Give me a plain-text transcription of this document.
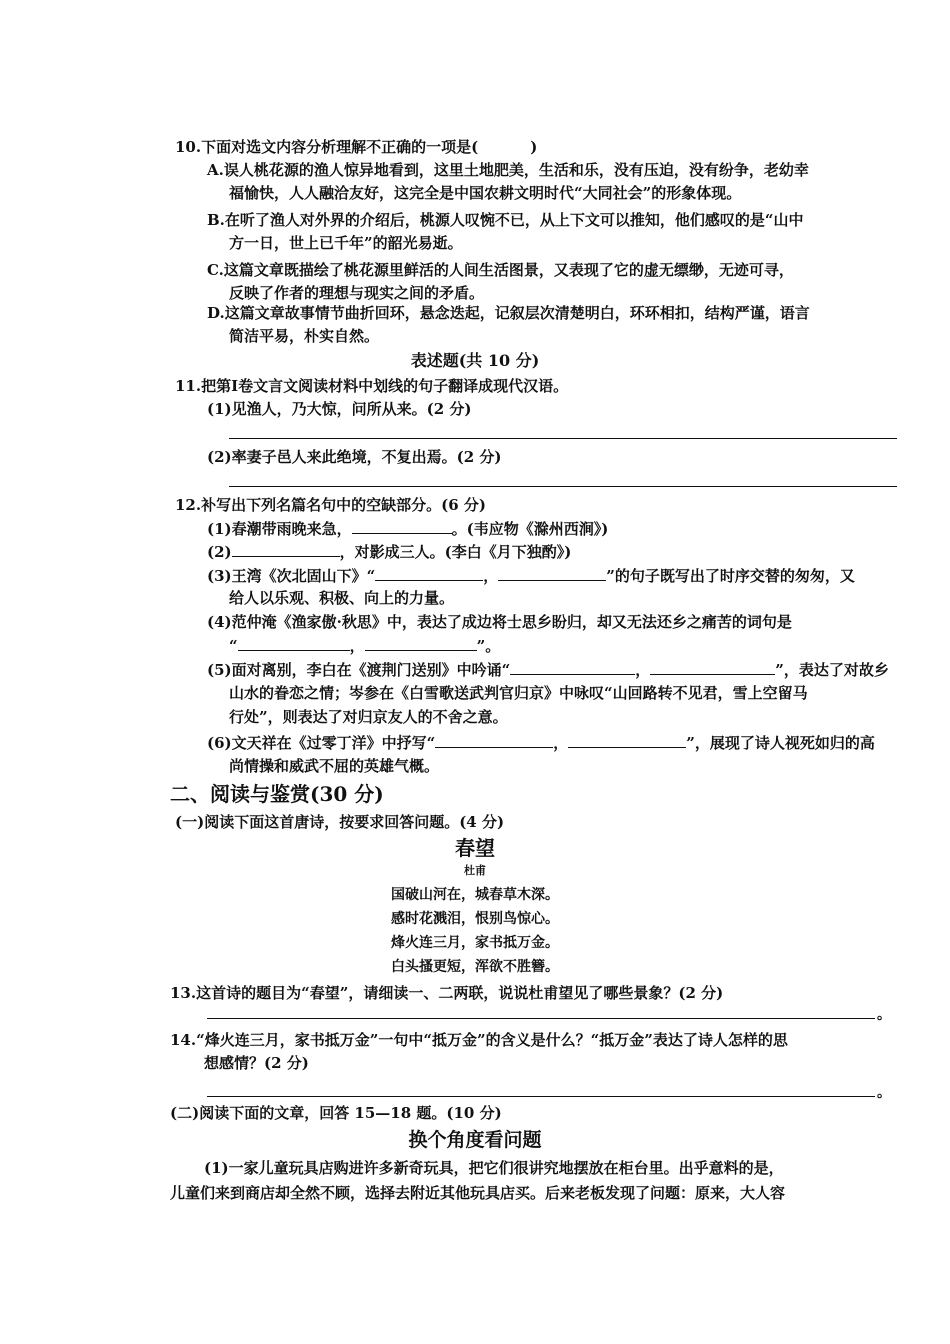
10.下面对选文内容分析理解不正确的一项是(	)
A.误人桃花源的渔人惊异地看到，这里土地肥美，生活和乐，没有压迫，没有纷争，老幼幸
福愉快，人人融洽友好，这完全是中国农耕文明时代“大同社会”的形象体现。
B.在听了渔人对外界的介绍后，桃源人叹惋不已，从上下文可以推知，他们感叹的是“山中
方一日，世上已千年”的韶光易逝。
C.这篇文章既描绘了桃花源里鲜活的人间生活图景，又表现了它的虚无缥缈，无迹可寻，
反映了作者的理想与现实之间的矛盾。
D.这篇文章故事情节曲折回环，悬念迭起，记叙层次清楚明白，环环相扣，结构严谨，语言
简洁平易，朴实自然。
表述题(共 10 分)
11.把第Ⅰ卷文言文阅读材料中划线的句子翻译成现代汉语。
(1)见渔人，乃大惊，问所从来。(2 分)
(2)率妻子邑人来此绝境，不复出焉。(2 分)
12.补写出下列名篇名句中的空缺部分。(6 分)
(1)春潮带雨晚来急，	。(韦应物《滁州西涧》)
(2)	，对影成三人。(李白《月下独酌》)
(3)王湾《次北固山下》“	，	”的句子既写出了时序交替的匆匆，又
给人以乐观、积极、向上的力量。
(4)范仲淹《渔家傲·秋思》中，表达了成边将士思乡盼归，却又无法还乡之痛苦的词句是
“	，	”。
(5)面对离别，李白在《渡荆门送别》中吟诵“	，	”，表达了对故乡
山水的眷恋之情；岑参在《白雪歌送武判官归京》中咏叹“山回路转不见君，雪上空留马
行处”，则表达了对归京友人的不舍之意。
(6)文天祥在《过零丁洋》中抒写“	，	”，展现了诗人视死如归的高
尚情操和威武不屈的英雄气概。
二、阅读与鉴赏(30 分)
(一)阅读下面这首唐诗，按要求回答问题。(4 分)
春望
杜甫
国破山河在，城春草木深。
感时花溅泪，恨别鸟惊心。
烽火连三月，家书抵万金。
白头搔更短，浑欲不胜簪。
13.这首诗的题目为“春望”，请细读一、二两联，说说杜甫望见了哪些景象？(2 分)
。
14.“烽火连三月，家书抵万金”一句中“抵万金”的含义是什么？“抵万金”表达了诗人怎样的思
想感情？(2 分)
。
(二)阅读下面的文章，回答 15—18 题。(10 分)
换个角度看问题
(1)一家儿童玩具店购进许多新奇玩具，把它们很讲究地摆放在柜台里。出乎意料的是，
儿童们来到商店却全然不顾，选择去附近其他玩具店买。后来老板发现了问题：原来，大人容
